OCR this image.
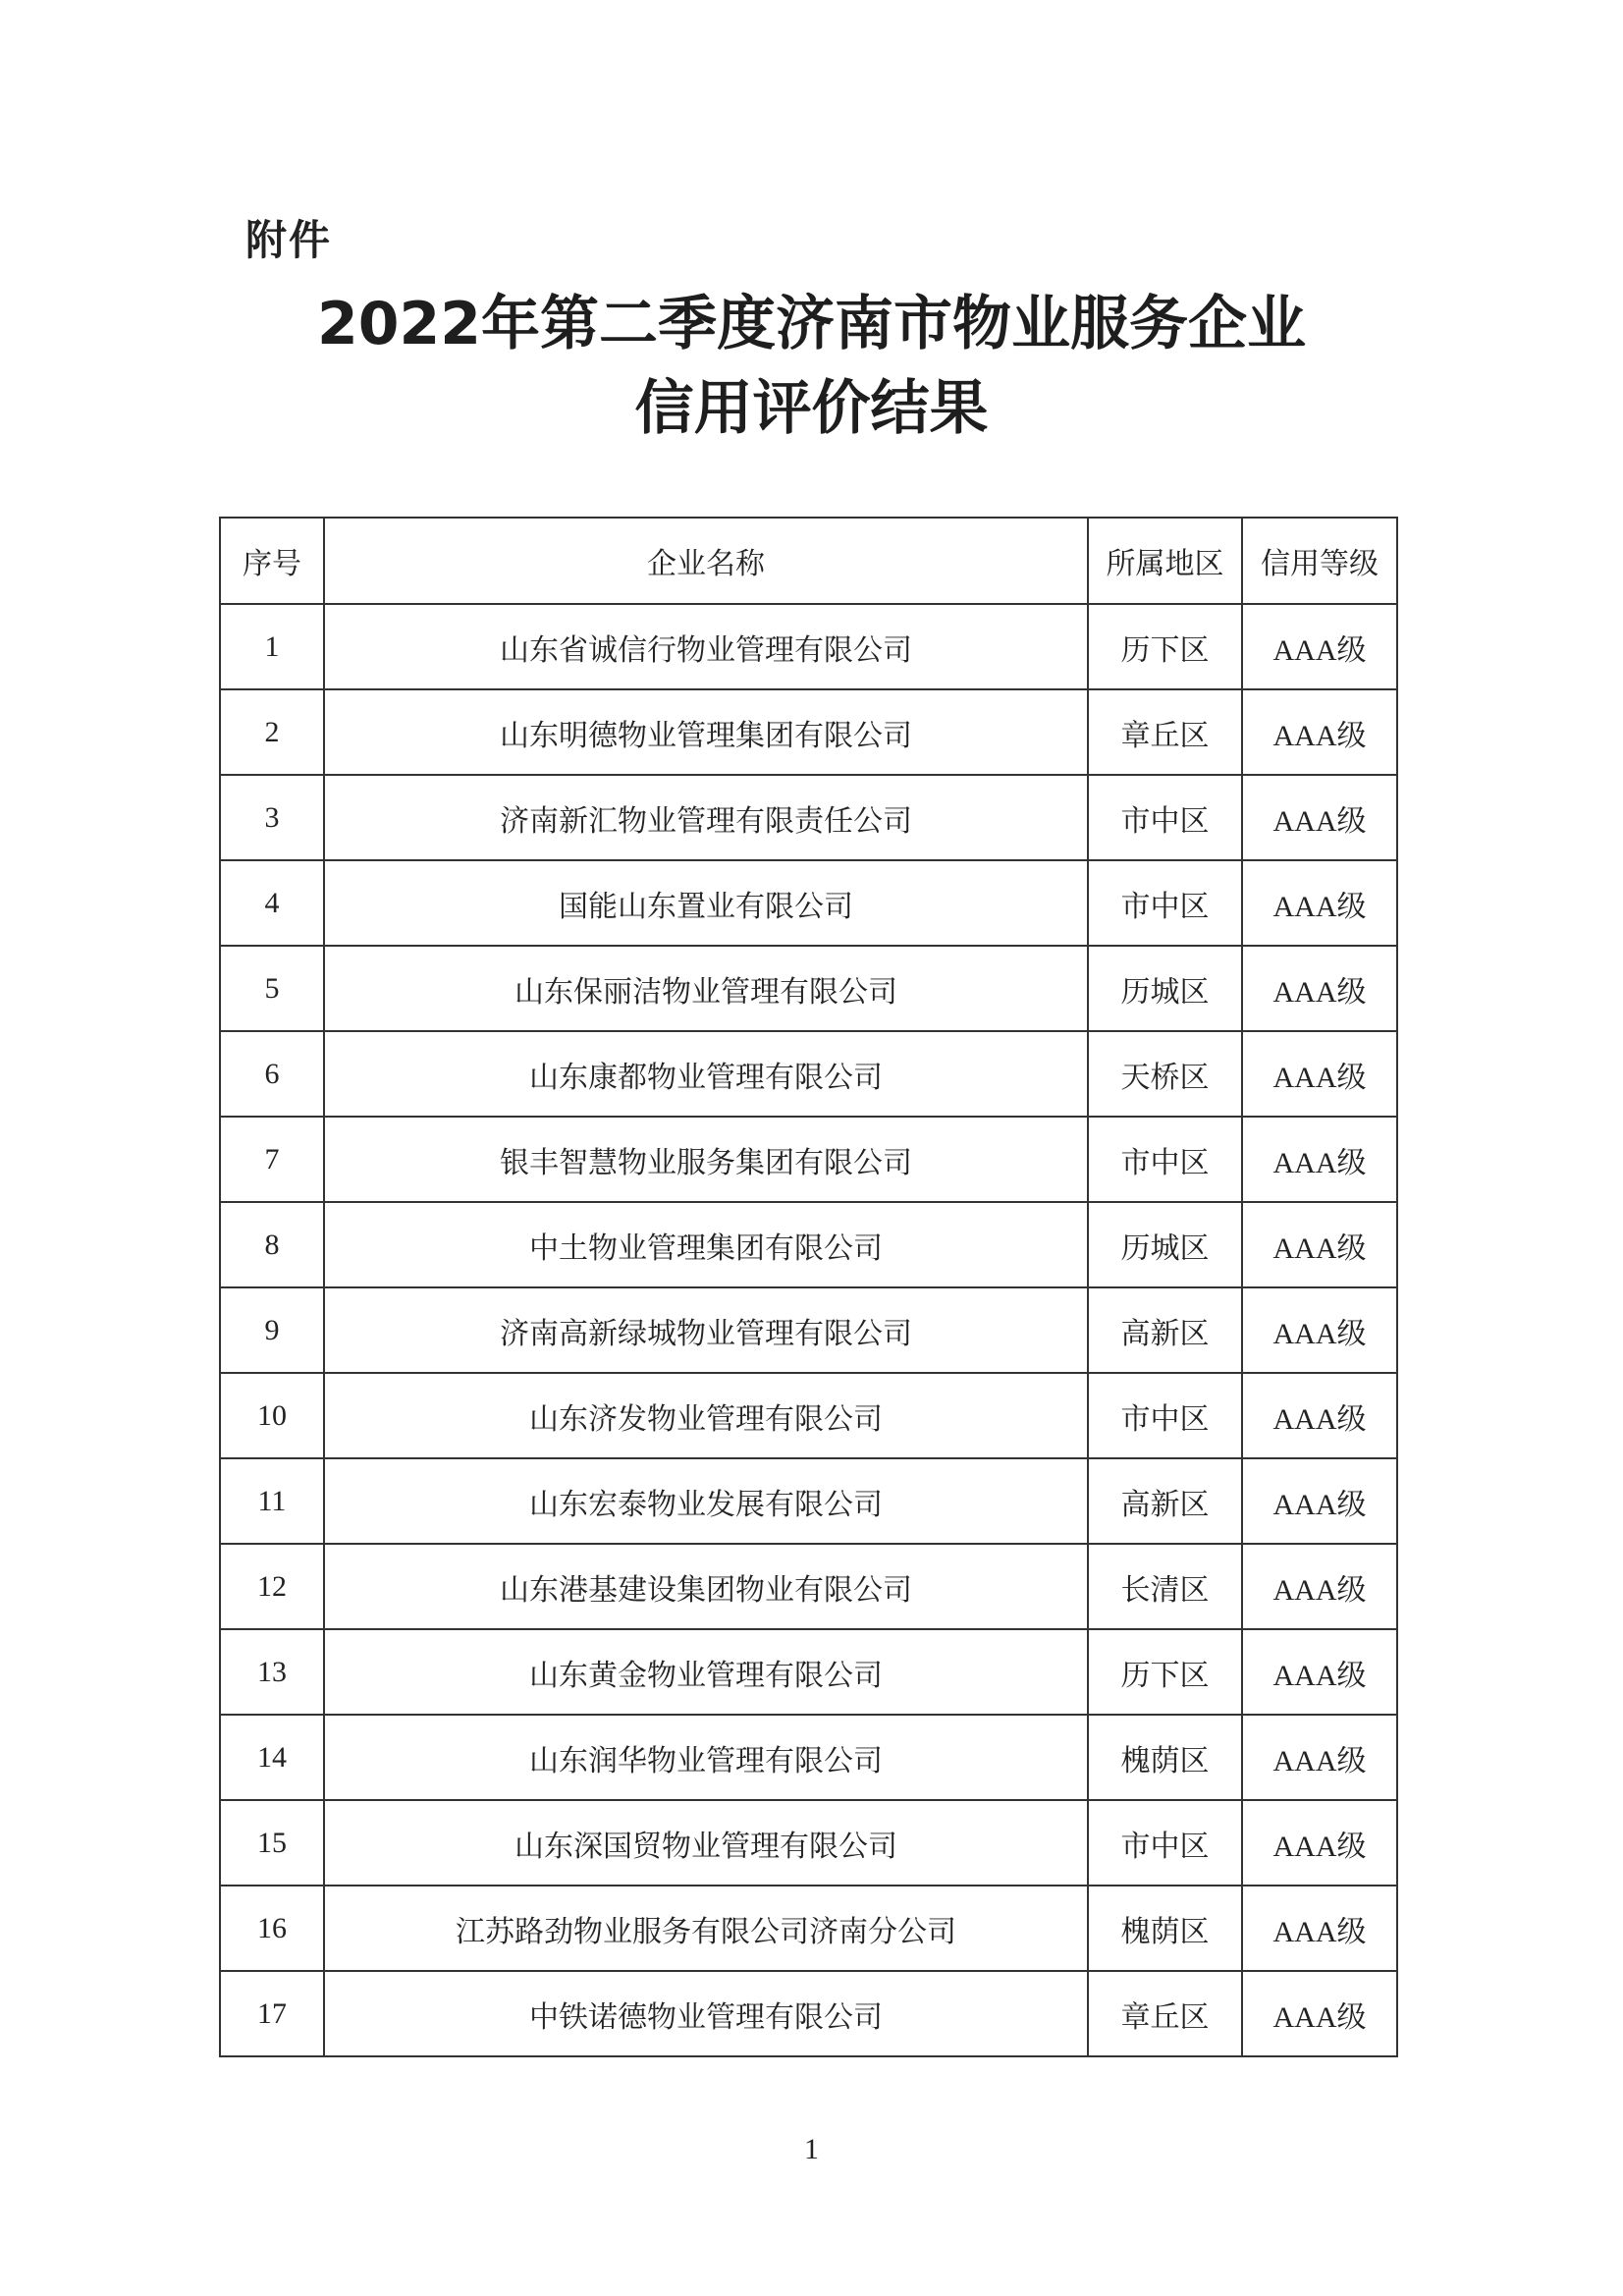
附件
2022年第二季度济南市物业服务企业
信用评价结果
序号	企业名称	所属地区	信用等级
1	山东省诚信行物业管理有限公司	历下区	AAA级
2	山东明德物业管理集团有限公司	章丘区	AAA级
3	济南新汇物业管理有限责任公司	市中区	AAA级
4	国能山东置业有限公司	市中区	AAA级
5	山东保丽洁物业管理有限公司	历城区	AAA级
6	山东康都物业管理有限公司	天桥区	AAA级
7	银丰智慧物业服务集团有限公司	市中区	AAA级
8	中土物业管理集团有限公司	历城区	AAA级
9	济南高新绿城物业管理有限公司	高新区	AAA级
10	山东济发物业管理有限公司	市中区	AAA级
11	山东宏泰物业发展有限公司	高新区	AAA级
12	山东港基建设集团物业有限公司	长清区	AAA级
13	山东黄金物业管理有限公司	历下区	AAA级
14	山东润华物业管理有限公司	槐荫区	AAA级
15	山东深国贸物业管理有限公司	市中区	AAA级
16	江苏路劲物业服务有限公司济南分公司	槐荫区	AAA级
17	中铁诺德物业管理有限公司	章丘区	AAA级
1
